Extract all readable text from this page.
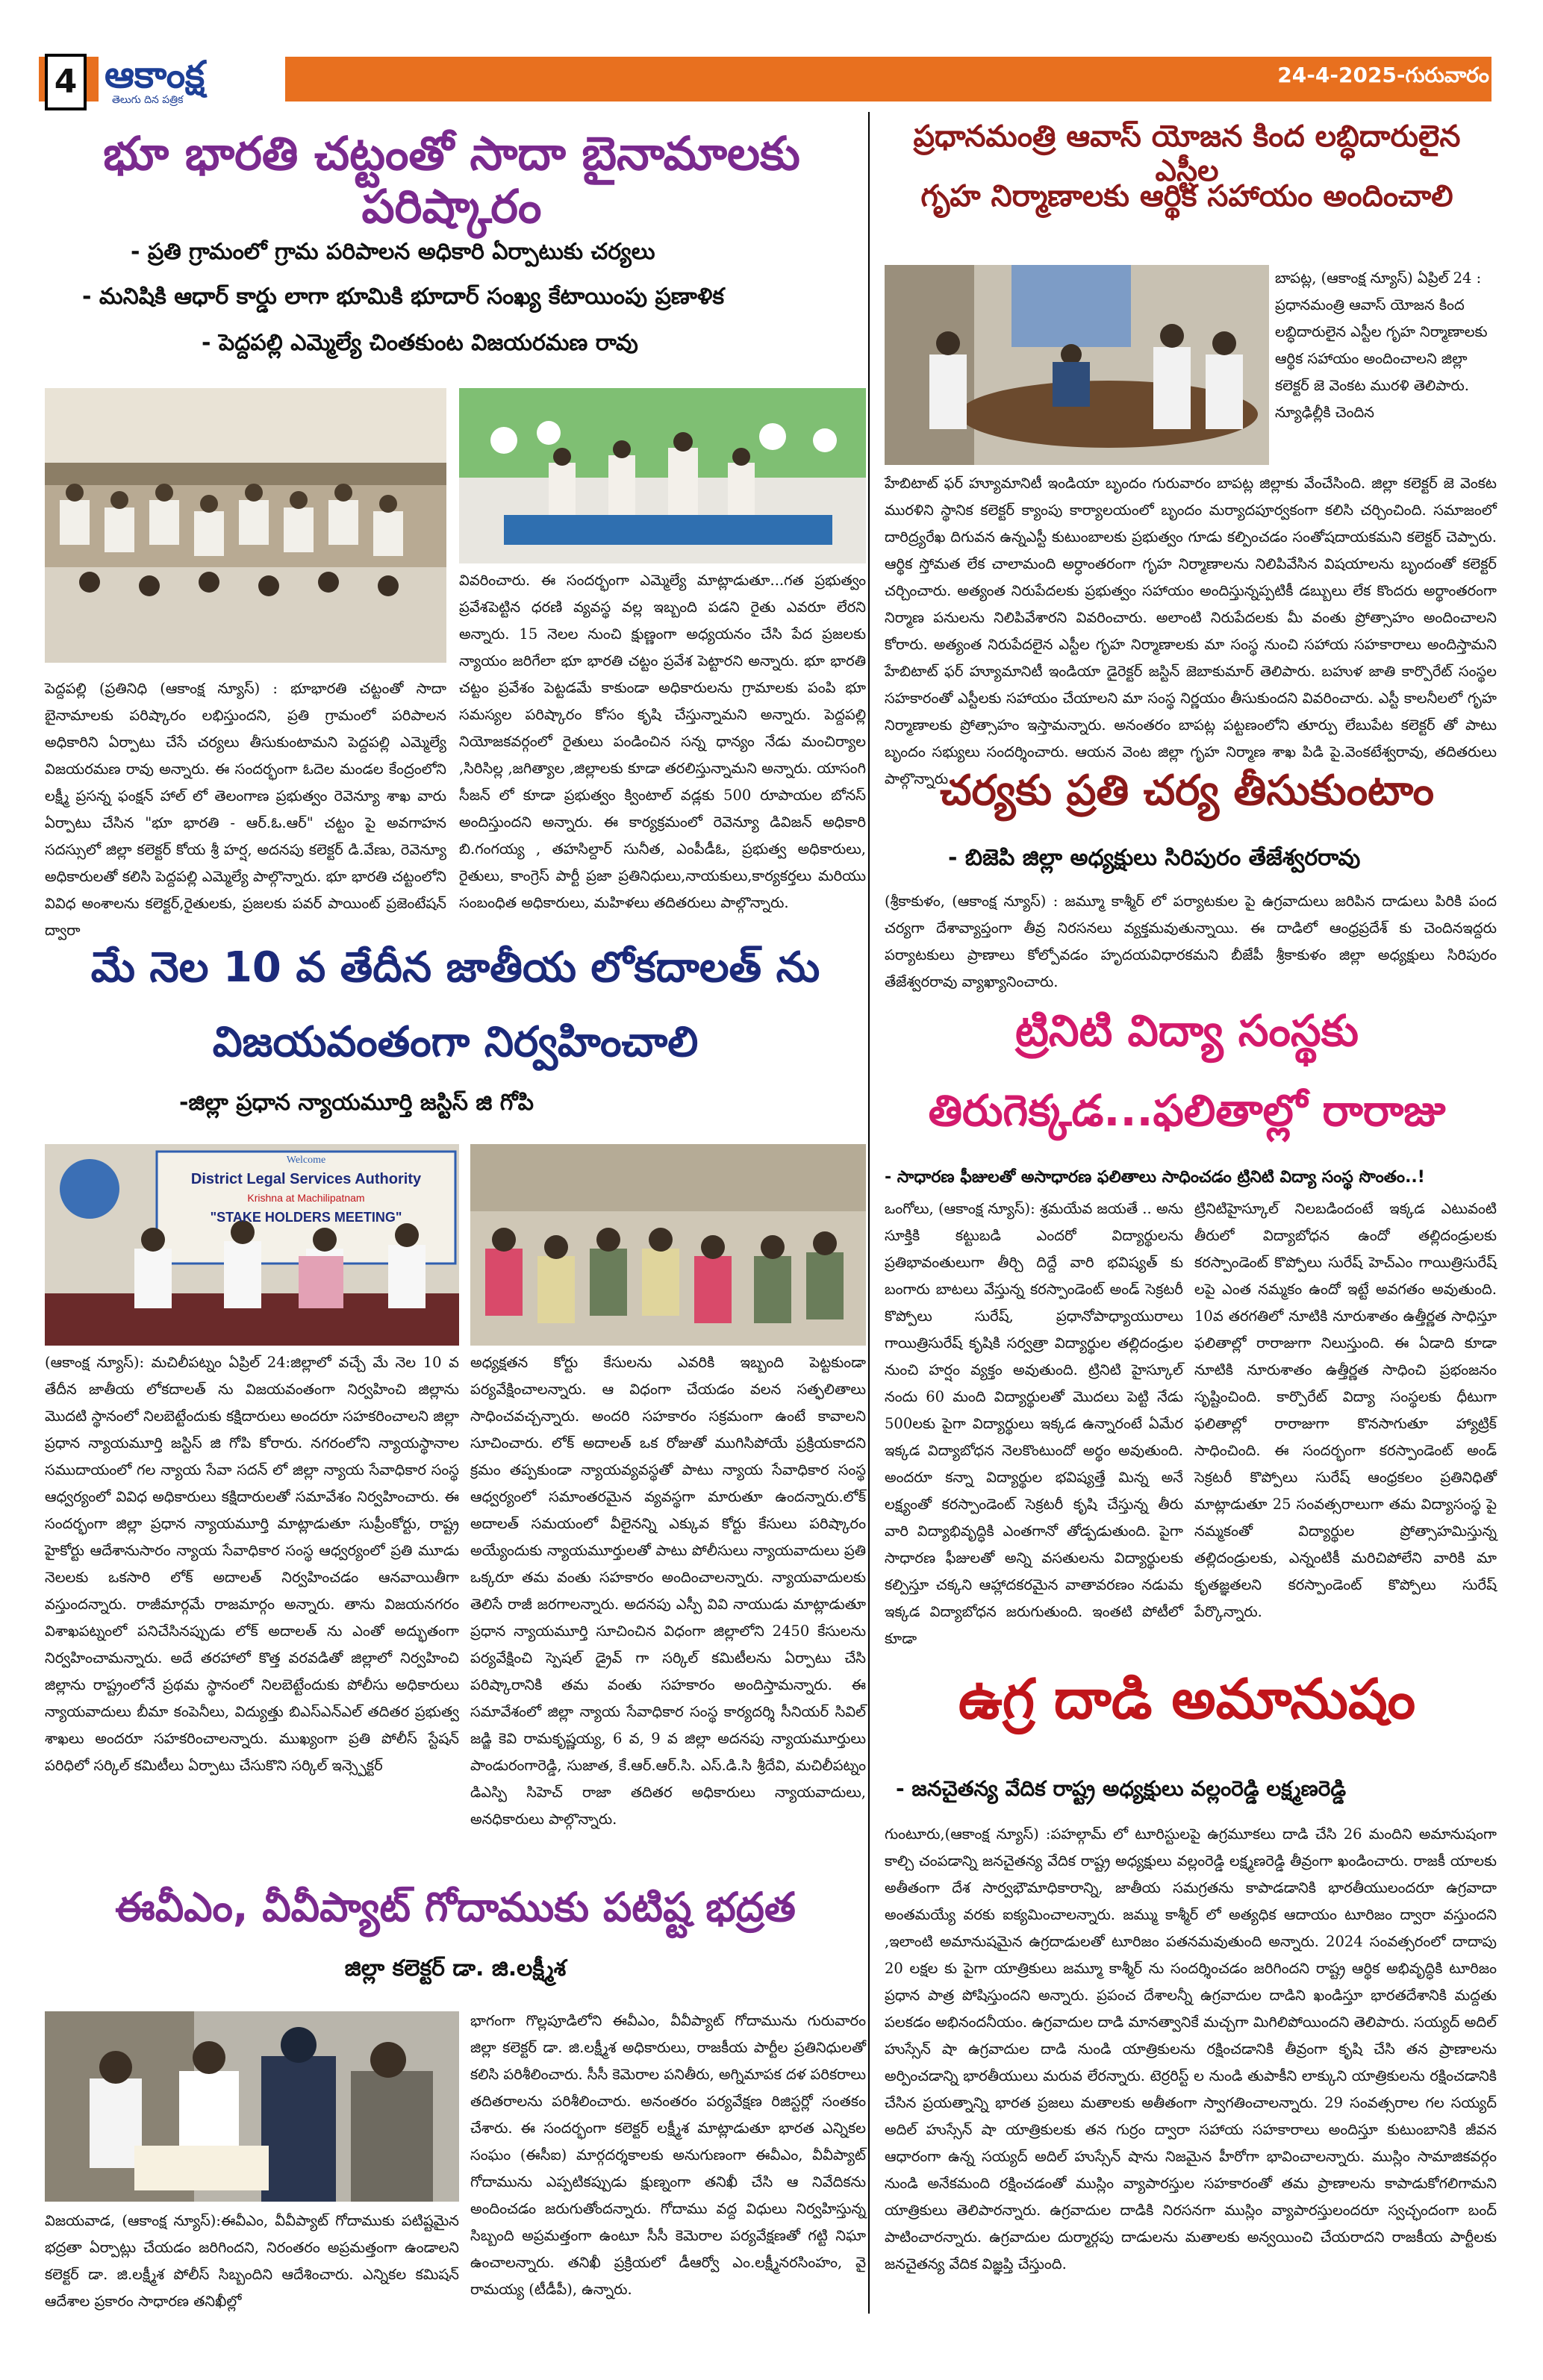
4 ఆకాంక్ష
తెలుగు దిన పత్రిక
24-4-2025-గురువారం
భూ భారతి చట్టంతో సాదా బైనామాలకు పరిష్కారం
- ప్రతి గ్రామంలో గ్రామ పరిపాలన అధికారి ఏర్పాటుకు చర్యలు
- మనిషికి ఆధార్ కార్డు లాగా భూమికి భూదార్ సంఖ్య కేటాయింపు ప్రణాళిక
- పెద్దపల్లి ఎమ్మెల్యే చింతకుంట విజయరమణ రావు
పెద్దపల్లి (ప్రతినిధి (ఆకాంక్ష న్యూస్) : భూభారతి చట్టంతో సాదా బైనామాలకు పరిష్కారం లభిస్తుందని, ప్రతి గ్రామంలో పరిపాలన అధికారిని ఏర్పాటు చేసే చర్యలు తీసుకుంటామని పెద్దపల్లి ఎమ్మెల్యే విజయరమణ రావు అన్నారు. ఈ సందర్భంగా ఓదెల మండల కేంద్రంలోని లక్ష్మీ ప్రసన్న ఫంక్షన్ హాల్ లో తెలంగాణ ప్రభుత్వం రెవెన్యూ శాఖ వారు ఏర్పాటు చేసిన "భూ భారతి - ఆర్.ఓ.ఆర్" చట్టం పై అవగాహన సదస్సులో జిల్లా కలెక్టర్ కోయ శ్రీ హర్ష, అదనపు కలెక్టర్ డి.వేణు, రెవెన్యూ అధికారులతో కలిసి పెద్దపల్లి ఎమ్మెల్యే పాల్గొన్నారు. భూ భారతి చట్టంలోని వివిధ అంశాలను కలెక్టర్,రైతులకు, ప్రజలకు పవర్ పాయింట్ ప్రజెంటేషన్ ద్వారా
వివరించారు. ఈ సందర్భంగా ఎమ్మెల్యే మాట్లాడుతూ...గత ప్రభుత్వం ప్రవేశపెట్టిన ధరణి వ్యవస్థ వల్ల ఇబ్బంది పడని రైతు ఎవరూ లేరని అన్నారు. 15 నెలల నుంచి క్షుణ్ణంగా అధ్యయనం చేసి పేద ప్రజలకు న్యాయం జరిగేలా భూ భారతి చట్టం ప్రవేశ పెట్టారని అన్నారు. భూ భారతి చట్టం ప్రవేశం పెట్టడమే కాకుండా అధికారులను గ్రామాలకు పంపి భూ సమస్యల పరిష్కారం కోసం కృషి చేస్తున్నామని అన్నారు. పెద్దపల్లి నియోజకవర్గంలో రైతులు పండించిన సన్న ధాన్యం నేడు మంచిర్యాల ,సిరిసిల్ల ,జగిత్యాల ,జిల్లాలకు కూడా తరలిస్తున్నామని అన్నారు. యాసంగి సీజన్ లో కూడా ప్రభుత్వం క్వింటాల్ వడ్లకు 500 రూపాయల బోనస్ అందిస్తుందని అన్నారు. ఈ కార్యక్రమంలో రెవెన్యూ డివిజన్ అధికారి బి.గంగయ్య , తహసిల్దార్ సునీత, ఎంపీడీఓ, ప్రభుత్వ అధికారులు, రైతులు, కాంగ్రెస్ పార్టీ ప్రజా ప్రతినిధులు,నాయకులు,కార్యకర్తలు మరియు సంబంధిత అధికారులు, మహిళలు తదితరులు పాల్గొన్నారు.
మే నెల 10 వ తేదీన జాతీయ లోకదాలత్ ను
విజయవంతంగా నిర్వహించాలి
-జిల్లా ప్రధాన న్యాయమూర్తి జస్టిస్ జి గోపి
Welcome
District Legal Services Authority
Krishna at Machilipatnam
"STAKE HOLDERS MEETING"
(ఆకాంక్ష న్యూస్): మచిలీపట్నం ఏప్రిల్ 24:జిల్లాలో వచ్చే మే నెల 10 వ తేదీన జాతీయ లోకదాలత్ ను విజయవంతంగా నిర్వహించి జిల్లాను మొదటి స్థానంలో నిలబెట్టేందుకు కక్షిదారులు అందరూ సహకరించాలని జిల్లా ప్రధాన న్యాయమూర్తి జస్టిస్ జి గోపి కోరారు. నగరంలోని న్యాయస్థానాల సముదాయంలో గల న్యాయ సేవా సదన్ లో జిల్లా న్యాయ సేవాధికార సంస్థ ఆధ్వర్యంలో వివిధ అధికారులు కక్షిదారులతో సమావేశం నిర్వహించారు. ఈ సందర్భంగా జిల్లా ప్రధాన న్యాయమూర్తి మాట్లాడుతూ సుప్రీంకోర్టు, రాష్ట్ర హైకోర్టు ఆదేశానుసారం న్యాయ సేవాధికార సంస్థ ఆధ్వర్యంలో ప్రతి మూడు నెలలకు ఒకసారి లోక్ అదాలత్ నిర్వహించడం ఆనవాయితీగా వస్తుందన్నారు. రాజీమార్గమే రాజమార్గం అన్నారు. తాను విజయనగరం విశాఖపట్నంలో పనిచేసినప్పుడు లోక్ అదాలత్ ను ఎంతో అద్భుతంగా నిర్వహించామన్నారు. అదే తరహాలో కొత్త వరవడితో జిల్లాలో నిర్వహించి జిల్లాను రాష్ట్రంలోనే ప్రథమ స్థానంలో నిలబెట్టేందుకు పోలీసు అధికారులు న్యాయవాదులు బీమా కంపెనీలు, విద్యుత్తు బిఎస్ఎన్ఎల్ తదితర ప్రభుత్వ శాఖలు అందరూ సహకరించాలన్నారు. ముఖ్యంగా ప్రతి పోలీస్ స్టేషన్ పరిధిలో సర్కిల్ కమిటీలు ఏర్పాటు చేసుకొని సర్కిల్ ఇన్స్పెక్టర్
అధ్యక్షతన కోర్టు కేసులను ఎవరికి ఇబ్బంది పెట్టకుండా పర్యవేక్షించాలన్నారు. ఆ విధంగా చేయడం వలన సత్ఫలితాలు సాధించవచ్చన్నారు. అందరి సహకారం సక్రమంగా ఉంటే కావాలని సూచించారు. లోక్ అదాలత్ ఒక రోజుతో ముగిసిపోయే ప్రక్రియకాదని క్రమం తప్పకుండా న్యాయవ్యవస్థతో పాటు న్యాయ సేవాధికార సంస్థ ఆధ్వర్యంలో సమాంతరమైన వ్యవస్థగా మారుతూ ఉందన్నారు.లోక్ అదాలత్ సమయంలో వీలైనన్ని ఎక్కువ కోర్టు కేసులు పరిష్కారం అయ్యేందుకు న్యాయమూర్తులతో పాటు పోలీసులు న్యాయవాదులు ప్రతి ఒక్కరూ తమ వంతు సహకారం అందించాలన్నారు. న్యాయవాదులకు తెలిసే రాజీ జరగాలన్నారు. అదనపు ఎస్పీ వివి నాయుడు మాట్లాడుతూ ప్రధాన న్యాయమూర్తి సూచించిన విధంగా జిల్లాలోని 2450 కేసులను పర్యవేక్షించి స్పెషల్ డ్రైవ్ గా సర్కిల్ కమిటీలను ఏర్పాటు చేసి పరిష్కారానికి తమ వంతు సహకారం అందిస్తామన్నారు. ఈ సమావేశంలో జిల్లా న్యాయ సేవాధికార సంస్థ కార్యదర్శి సీనియర్ సివిల్ జడ్జి కెవి రామకృష్ణయ్య, 6 వ, 9 వ జిల్లా అదనపు న్యాయమూర్తులు పాండురంగారెడ్డి, సుజాత, కే.ఆర్.ఆర్.సి. ఎస్.డి.సి శ్రీదేవి, మచిలీపట్నం డిఎస్పి సిహెచ్ రాజా తదితర అధికారులు న్యాయవాదులు, అనధికారులు పాల్గొన్నారు.
ఈవీఎం, వీవీప్యాట్ గోదాముకు పటిష్ట భద్రత
జిల్లా కలెక్టర్ డా. జి.లక్ష్మీశ
భాగంగా గొల్లపూడిలోని ఈవీఎం, వీవీప్యాట్ గోదామును గురువారం జిల్లా కలెక్టర్ డా. జి.లక్ష్మీశ అధికారులు, రాజకీయ పార్టీల ప్రతినిధులతో కలిసి పరిశీలించారు. సీసీ కెమెరాల పనితీరు, అగ్నిమాపక దళ పరికరాలు తదితరాలను పరిశీలించారు. అనంతరం పర్యవేక్షణ రిజిస్టర్లో సంతకం చేశారు. ఈ సందర్భంగా కలెక్టర్ లక్ష్మీశ మాట్లాడుతూ భారత ఎన్నికల సంఘం (ఈసీఐ) మార్గదర్శకాలకు అనుగుణంగా ఈవీఎం, వీవీప్యాట్ గోదామును ఎప్పటికప్పుడు క్షుణ్నంగా తనిఖీ చేసి ఆ నివేదికను అందించడం జరుగుతోందన్నారు. గోదాము వద్ద విధులు నిర్వహిస్తున్న సిబ్బంది అప్రమత్తంగా ఉంటూ సీసీ కెమెరాల పర్యవేక్షణతో గట్టి నిఘా ఉంచాలన్నారు. తనిఖీ ప్రక్రియలో డీఆర్వో ఎం.లక్ష్మీనరసింహం, వై రామయ్య (టీడీపీ), ఉన్నారు.
విజయవాడ, (ఆకాంక్ష న్యూస్):ఈవీఎం, వీవీప్యాట్ గోదాముకు పటిష్టమైన భద్రతా ఏర్పాట్లు చేయడం జరిగిందని, నిరంతరం అప్రమత్తంగా ఉండాలని కలెక్టర్ డా. జి.లక్ష్మీశ పోలీస్ సిబ్బందిని ఆదేశించారు. ఎన్నికల కమిషన్ ఆదేశాల ప్రకారం సాధారణ తనిఖీల్లో
ప్రధానమంత్రి ఆవాస్ యోజన కింద లబ్ధిదారులైన ఎస్టీల
గృహ నిర్మాణాలకు ఆర్థిక సహాయం అందించాలి
బాపట్ల, (ఆకాంక్ష న్యూస్) ఏప్రిల్ 24 : ప్రధానమంత్రి ఆవాస్ యోజన కింద లబ్ధిదారులైన ఎస్టీల గృహ నిర్మాణాలకు ఆర్థిక సహాయం అందించాలని జిల్లా కలెక్టర్ జె వెంకట మురళి తెలిపారు. న్యూఢిల్లీకి చెందిన
హేబిటాట్ ఫర్ హ్యూమానిటీ ఇండియా బృందం గురువారం బాపట్ల జిల్లాకు వేంచేసింది. జిల్లా కలెక్టర్ జె వెంకట మురళిని స్థానిక కలెక్టర్ క్యాంపు కార్యాలయంలో బృందం మర్యాదపూర్వకంగా కలిసి చర్చించింది. సమాజంలో దారిద్ర్యరేఖ దిగువన ఉన్నఎస్టీ కుటుంబాలకు ప్రభుత్వం గూడు కల్పించడం సంతోషదాయకమని కలెక్టర్ చెప్పారు. ఆర్థిక స్తోమత లేక చాలామంది అర్ధాంతరంగా గృహ నిర్మాణాలను నిలిపివేసిన విషయాలను బృందంతో కలెక్టర్ చర్చించారు. అత్యంత నిరుపేదలకు ప్రభుత్వం సహాయం అందిస్తున్నప్పటికీ డబ్బులు లేక కొందరు అర్థాంతరంగా నిర్మాణ పనులను నిలిపివేశారని వివరించారు. అలాంటి నిరుపేదలకు మీ వంతు ప్రోత్సాహం అందించాలని కోరారు. అత్యంత నిరుపేదలైన ఎస్టీల గృహ నిర్మాణాలకు మా సంస్థ నుంచి సహాయ సహకారాలు అందిస్తామని హేబిటాట్ ఫర్ హ్యూమానిటీ ఇండియా డైరెక్టర్ జస్టిన్ జెబాకుమార్ తెలిపారు. బహుళ జాతి కార్పొరేట్ సంస్థల సహకారంతో ఎస్టీలకు సహాయం చేయాలని మా సంస్థ నిర్ణయం తీసుకుందని వివరించారు. ఎస్టీ కాలనీలలో గృహ నిర్మాణాలకు ప్రోత్సాహం ఇస్తామన్నారు. అనంతరం బాపట్ల పట్టణంలోని తూర్పు లేబుపేట కలెక్టర్ తో పాటు బృందం సభ్యులు సందర్శించారు. ఆయన వెంట జిల్లా గృహ నిర్మాణ శాఖ పిడి పై.వెంకటేశ్వరావు, తదితరులు పాల్గొన్నారు.
చర్యకు ప్రతి చర్య తీసుకుంటాం
- బిజెపి జిల్లా అధ్యక్షులు సిరిపురం తేజేశ్వరరావు
(శ్రీకాకుళం, (ఆకాంక్ష న్యూస్) : జమ్మూ కాశ్మీర్ లో పర్యాటకుల పై ఉగ్రవాదులు జరిపిన దాడులు పిరికి పంద చర్యగా దేశావ్యాప్తంగా తీవ్ర నిరసనలు వ్యక్తమవుతున్నాయి. ఈ దాడిలో ఆంధ్రప్రదేశ్ కు చెందినఇద్దరు పర్యాటకులు ప్రాణాలు కోల్పోవడం హృదయవిధారకమని బీజేపీ శ్రీకాకుళం జిల్లా అధ్యక్షులు సిరిపురం తేజేశ్వరరావు వ్యాఖ్యానించారు.
ట్రినిటి విద్యా సంస్థకు
తిరుగెక్కడ...ఫలితాల్లో రారాజు
- సాధారణ ఫీజులతో అసాధారణ ఫలితాలు సాధించడం ట్రినిటి విద్యా సంస్థ సొంతం..!
ఒంగోలు, (ఆకాంక్ష న్యూస్): శ్రమయేవ జయతే .. అను సూక్తికి కట్టుబడి ఎందరో విద్యార్థులను ప్రతిభావంతులుగా తీర్చి దిద్దే వారి భవిష్యత్ కు బంగారు బాటలు వేస్తున్న కరస్పాండెంట్ అండ్ సెక్రటరీ కొప్పోలు సురేష్, ప్రధానోపాధ్యాయురాలు గాయిత్రిసురేష్ కృషికి సర్వత్రా విద్యార్థుల తల్లిదండ్రుల నుంచి హర్షం వ్యక్తం అవుతుంది. ట్రినిటి హైస్కూల్ నందు 60 మంది విద్యార్థులతో మొదలు పెట్టి నేడు 500లకు పైగా విద్యార్థులు ఇక్కడ ఉన్నారంటే ఏమేర ఇక్కడ విద్యాబోధన నెలకొంటుందో అర్థం అవుతుంది. అందరూ కన్నా విద్యార్థుల భవిష్యత్తే మిన్న అనే లక్ష్యంతో కరస్పాండెంట్ సెక్రటరీ కృషి చేస్తున్న తీరు వారి విద్యాభివృద్ధికి ఎంతగానో తోడ్పడుతుంది. పైగా సాధారణ ఫీజులతో అన్ని వసతులను విద్యార్థులకు కల్పిస్తూ చక్కని ఆహ్లాదకరమైన వాతావరణం నడుమ ఇక్కడ విద్యాబోధన జరుగుతుంది. ఇంతటి పోటీలో కూడా
ట్రినిటిహైస్కూల్ నిలబడిందంటే ఇక్కడ ఎటువంటి తీరులో విద్యాబోధన ఉందో తల్లిదండ్రులకు కరస్పాండెంట్ కొప్పోలు సురేష్ హెచ్ఎం గాయిత్రిసురేష్ లపై ఎంత నమ్మకం ఉందో ఇట్టే అవగతం అవుతుంది. 10వ తరగతిలో నూటికి నూరుశాతం ఉత్తీర్ణత సాధిస్తూ ఫలితాల్లో రారాజుగా నిలుస్తుంది. ఈ ఏడాది కూడా నూటికి నూరుశాతం ఉత్తీర్ణత సాధించి ప్రభంజనం సృష్టించింది. కార్పొరేట్ విద్యా సంస్థలకు ధీటుగా ఫలితాల్లో రారాజుగా కొనసాగుతూ హ్యాట్రిక్ సాధించింది. ఈ సందర్భంగా కరస్పాండెంట్ అండ్ సెక్రటరీ కొప్పోలు సురేష్ ఆంధ్రకలం ప్రతినిధితో మాట్లాడుతూ 25 సంవత్సరాలుగా తమ విద్యాసంస్థ పై నమ్మకంతో విద్యార్థుల ప్రోత్సాహమిస్తున్న తల్లిదండ్రులకు, ఎన్నంటికీ మరిచిపోలేని వారికి మా కృతజ్ఞతలని కరస్పాండెంట్ కొప్పోలు సురేష్ పేర్కొన్నారు.
ఉగ్ర దాడి అమానుషం
- జనచైతన్య వేదిక రాష్ట్ర అధ్యక్షులు వల్లంరెడ్డి లక్ష్మణరెడ్డి
గుంటూరు,(ఆకాంక్ష న్యూస్) :పహల్గామ్ లో టూరిస్టులపై ఉగ్రమూకలు దాడి చేసి 26 మందిని అమానుషంగా కాల్చి చంపడాన్ని జనచైతన్య వేదిక రాష్ట్ర అధ్యక్షులు వల్లంరెడ్డి లక్ష్మణరెడ్డి తీవ్రంగా ఖండించారు. రాజకీ యాలకు అతీతంగా దేశ సార్వభౌమాధికారాన్ని, జాతీయ సమగ్రతను కాపాడడానికి భారతీయులందరూ ఉగ్రవాదా అంతమయ్యే వరకు ఐక్యమించాలన్నారు. జమ్ము కాశ్మీర్ లో అత్యధిక ఆదాయం టూరిజం ద్వారా వస్తుందని ,ఇలాంటి అమానుషమైన ఉగ్రదాడులతో టూరిజం పతనమవుతుంది అన్నారు. 2024 సంవత్సరంలో దాదాపు 20 లక్షల కు పైగా యాత్రికులు జమ్మూ కాశ్మీర్ ను సందర్శించడం జరిగిందని రాష్ట్ర ఆర్థిక అభివృద్ధికి టూరిజం ప్రధాన పాత్ర పోషిస్తుందని అన్నారు. ప్రపంచ దేశాలన్నీ ఉగ్రవాదుల దాడిని ఖండిస్తూ భారతదేశానికి మద్దతు పలకడం అభినందనీయం. ఉగ్రవాదుల దాడి మానత్వానికే మచ్చగా మిగిలిపోయిందని తెలిపారు. సయ్యద్ అదిల్ హుస్సేన్ షా ఉగ్రవాదుల దాడి నుండి యాత్రికులను రక్షించడానికి తీవ్రంగా కృషి చేసి తన ప్రాణాలను అర్పించడాన్ని భారతీయులు మరువ లేరన్నారు. టెర్రరిస్ట్ ల నుండి తుపాకీని లాక్కుని యాత్రికులను రక్షించడానికి చేసిన ప్రయత్నాన్ని భారత ప్రజలు మతాలకు అతీతంగా స్వాగతించాలన్నారు. 29 సంవత్సరాల గల సయ్యద్ అదిల్ హుస్సేన్ షా యాత్రికులకు తన గుర్రం ద్వారా సహాయ సహకారాలు అందిస్తూ కుటుంబానికి జీవన ఆధారంగా ఉన్న సయ్యద్ అదిల్ హుస్సేన్ షాను నిజమైన హీరోగా భావించాలన్నారు. ముస్లిం సామాజికవర్గం నుండి అనేకమంది రక్షించడంతో ముస్లిం వ్యాపారస్తుల సహకారంతో తమ ప్రాణాలను కాపాడుకోగలిగామని యాత్రికులు తెలిపారన్నారు. ఉగ్రవాదుల దాడికి నిరసనగా ముస్లిం వ్యాపారస్తులందరూ స్వచ్ఛందంగా బంద్ పాటించారన్నారు. ఉగ్రవాదుల దుర్మార్గపు దాడులను మతాలకు అన్వయించి చేయరాదని రాజకీయ పార్టీలకు జనచైతన్య వేదిక విజ్ఞప్తి చేస్తుంది.
